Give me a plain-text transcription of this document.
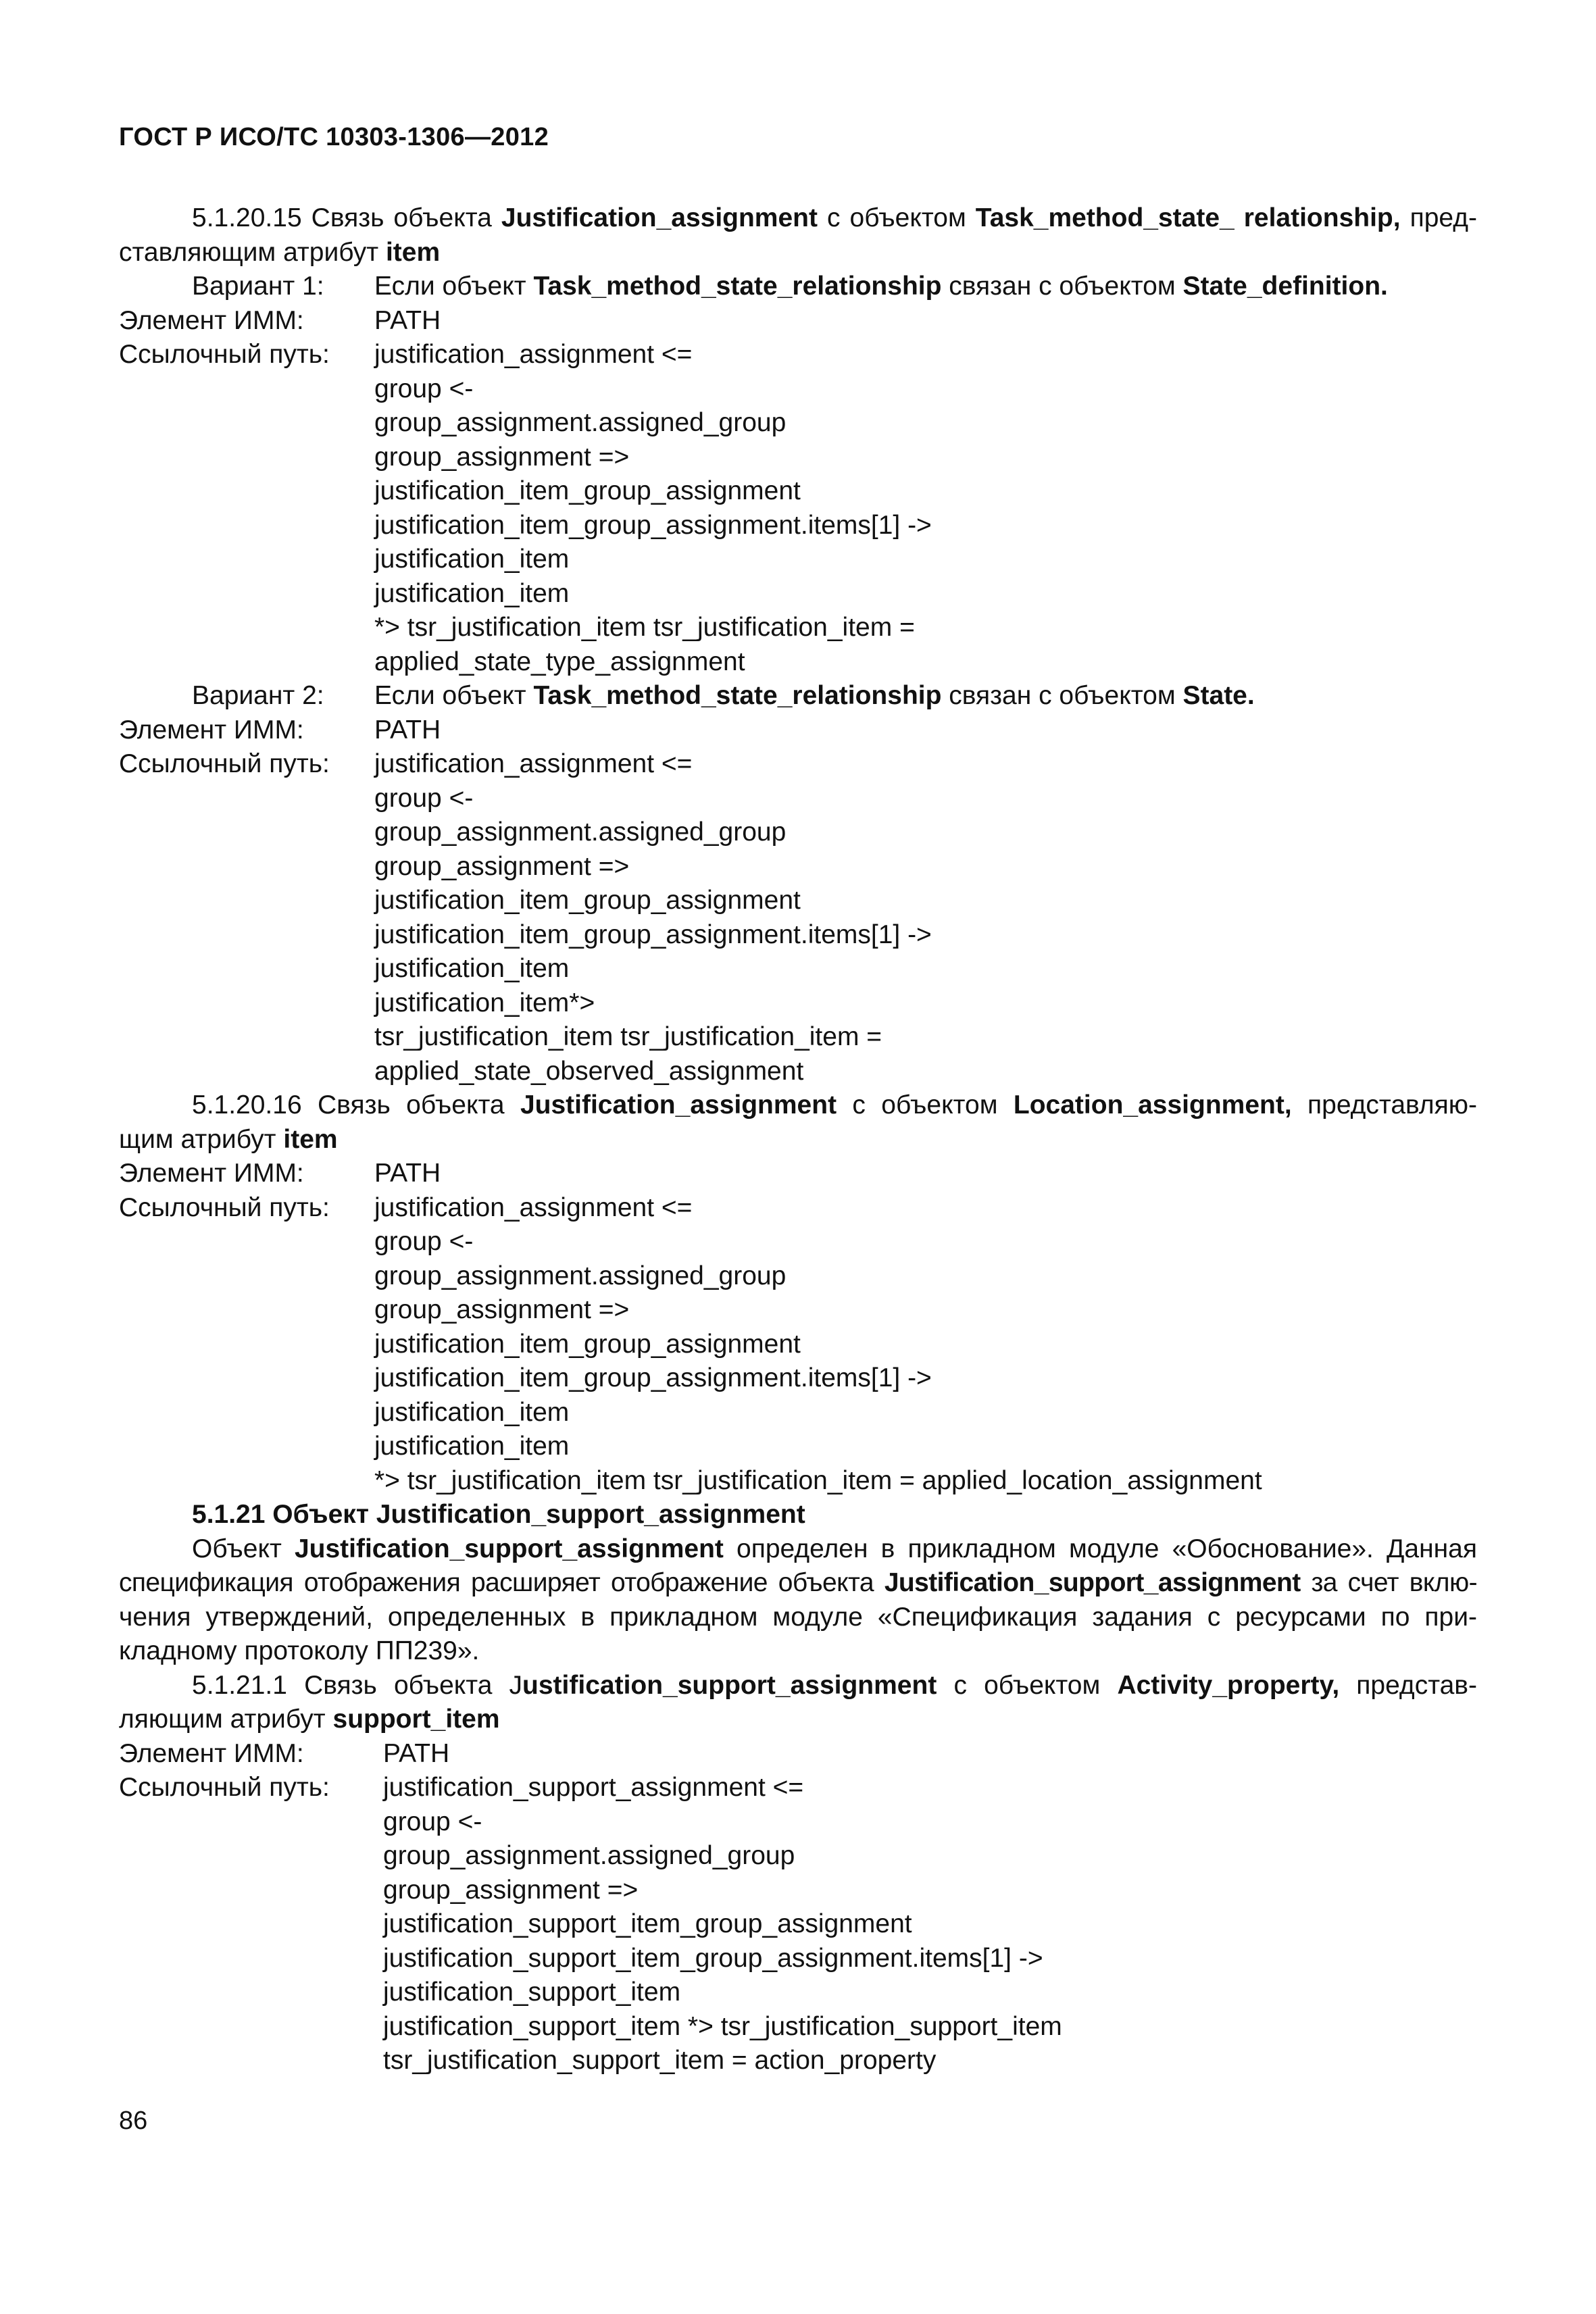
ГОСТ Р ИСО/ТС 10303-1306—2012
5.1.20.15 Связь объекта Justification_assignment с объектом Task_method_state_ relationship, пред-
ставляющим атрибут item
Вариант 1: Если объект Task_method_state_relationship связан с объектом State_definition.
Элемент ИММ:	PATH
Ссылочный путь: justification_assignment <=
group <-
group_assignment.assigned_group
group_assignment =>
justification_item_group_assignment
justification_item_group_assignment.items[1] ->
justification_item
justification_item
*> tsr_justification_item tsr_justification_item =
applied_state_type_assignment
Вариант 2: Если объект Task_method_state_relationship связан с объектом State.
Элемент ИММ:	PATH
Ссылочный путь: justification_assignment <=
group <-
group_assignment.assigned_group
group_assignment =>
justification_item_group_assignment
justification_item_group_assignment.items[1] ->
justification_item
justification_item*>
tsr_justification_item tsr_justification_item =
applied_state_observed_assignment
5.1.20.16 Связь объекта Justification_assignment с объектом Location_assignment, представляю-
щим атрибут item
Элемент ИММ:	PATH
Ссылочный путь: justification_assignment <=
group <-
group_assignment.assigned_group
group_assignment =>
justification_item_group_assignment
justification_item_group_assignment.items[1] ->
justification_item
justification_item
*> tsr_justification_item tsr_justification_item = applied_location_assignment
5.1.21 Объект Justification_support_assignment
Объект Justification_support_assignment определен в прикладном модуле «Обоснование». Данная
спецификация отображения расширяет отображение объекта Justification_support_assignment за счет вклю-
чения утверждений, определенных в прикладном модуле «Спецификация задания с ресурсами по при-
кладному протоколу ПП239».
5.1.21.1 Связь объекта Justification_support_assignment с объектом Activity_property, представ-
ляющим атрибут support_item
Элемент ИММ:	PATH
Ссылочный путь: justification_support_assignment <=
group <-
group_assignment.assigned_group
group_assignment =>
justification_support_item_group_assignment
justification_support_item_group_assignment.items[1] ->
justification_support_item
justification_support_item *> tsr_justification_support_item
tsr_justification_support_item = action_property
86
